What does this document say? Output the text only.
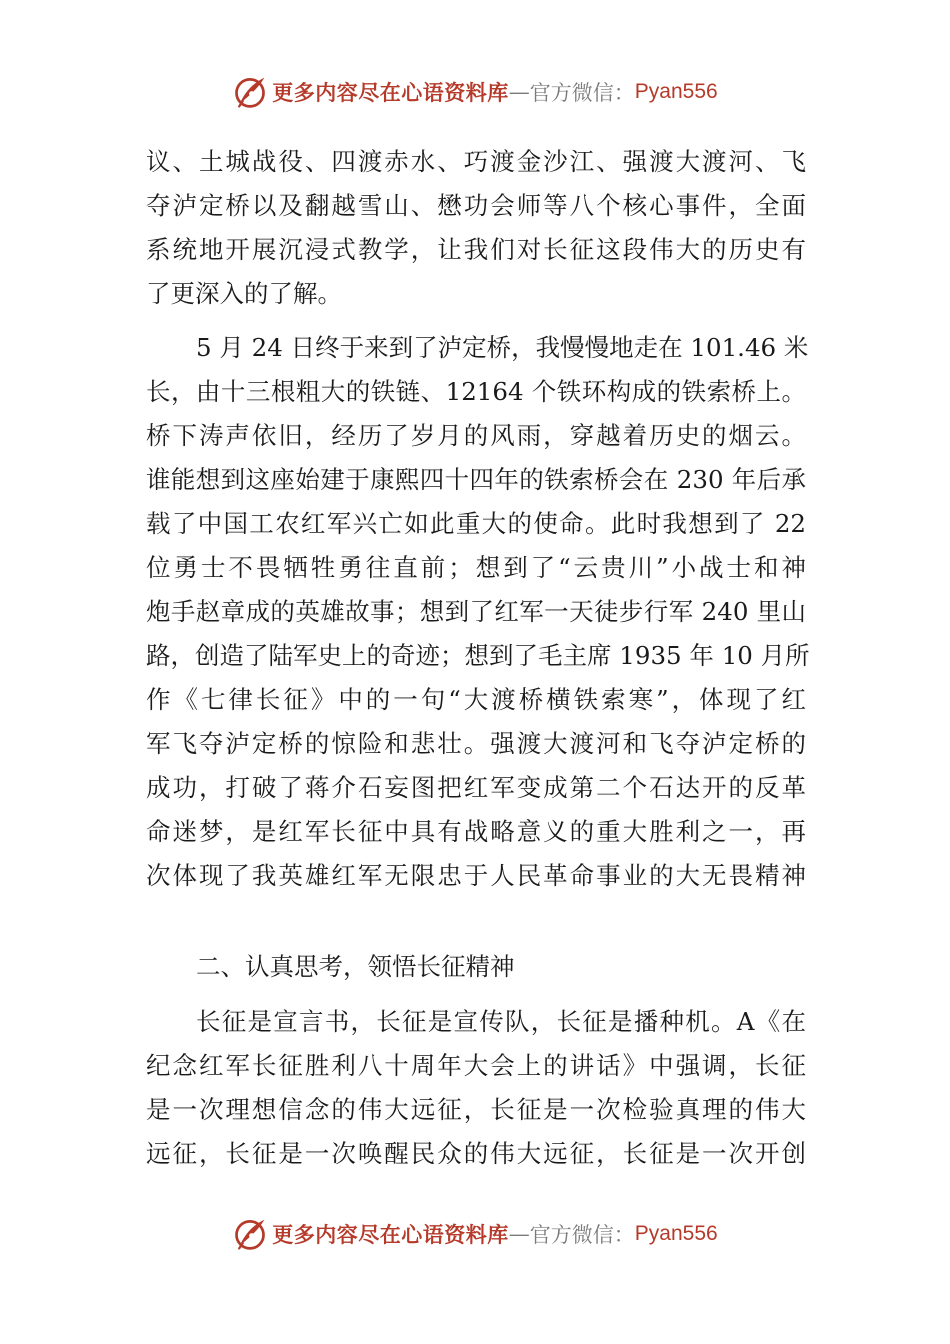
更多内容尽在心语资料库 — 官方微信： Pyan556
议、土城战役、四渡赤水、巧渡金沙江、强渡大渡河、飞
夺泸定桥以及翻越雪山、懋功会师等八个核心事件，全面
系统地开展沉浸式教学，让我们对长征这段伟大的历史有
了更深入的了解。
5 月 24 日终于来到了泸定桥，我慢慢地走在 101.46 米
长，由十三根粗大的铁链、12164 个铁环构成的铁索桥上。
桥下涛声依旧，经历了岁月的风雨，穿越着历史的烟云。
谁能想到这座始建于康熙四十四年的铁索桥会在 230 年后承
载了中国工农红军兴亡如此重大的使命。此时我想到了 22
位勇士不畏牺牲勇往直前；想到了“云贵川”小战士和神
炮手赵章成的英雄故事；想到了红军一天徒步行军 240 里山
路，创造了陆军史上的奇迹；想到了毛主席 1935 年 10 月所
作《七律长征》中的一句“大渡桥横铁索寒”，体现了红
军飞夺泸定桥的惊险和悲壮。强渡大渡河和飞夺泸定桥的
成功，打破了蒋介石妄图把红军变成第二个石达开的反革
命迷梦，是红军长征中具有战略意义的重大胜利之一，再
次体现了我英雄红军无限忠于人民革命事业的大无畏精神
二、认真思考，领悟长征精神
长征是宣言书，长征是宣传队，长征是播种机。A《在
纪念红军长征胜利八十周年大会上的讲话》中强调，长征
是一次理想信念的伟大远征，长征是一次检验真理的伟大
远征，长征是一次唤醒民众的伟大远征，长征是一次开创
更多内容尽在心语资料库 — 官方微信： Pyan556
